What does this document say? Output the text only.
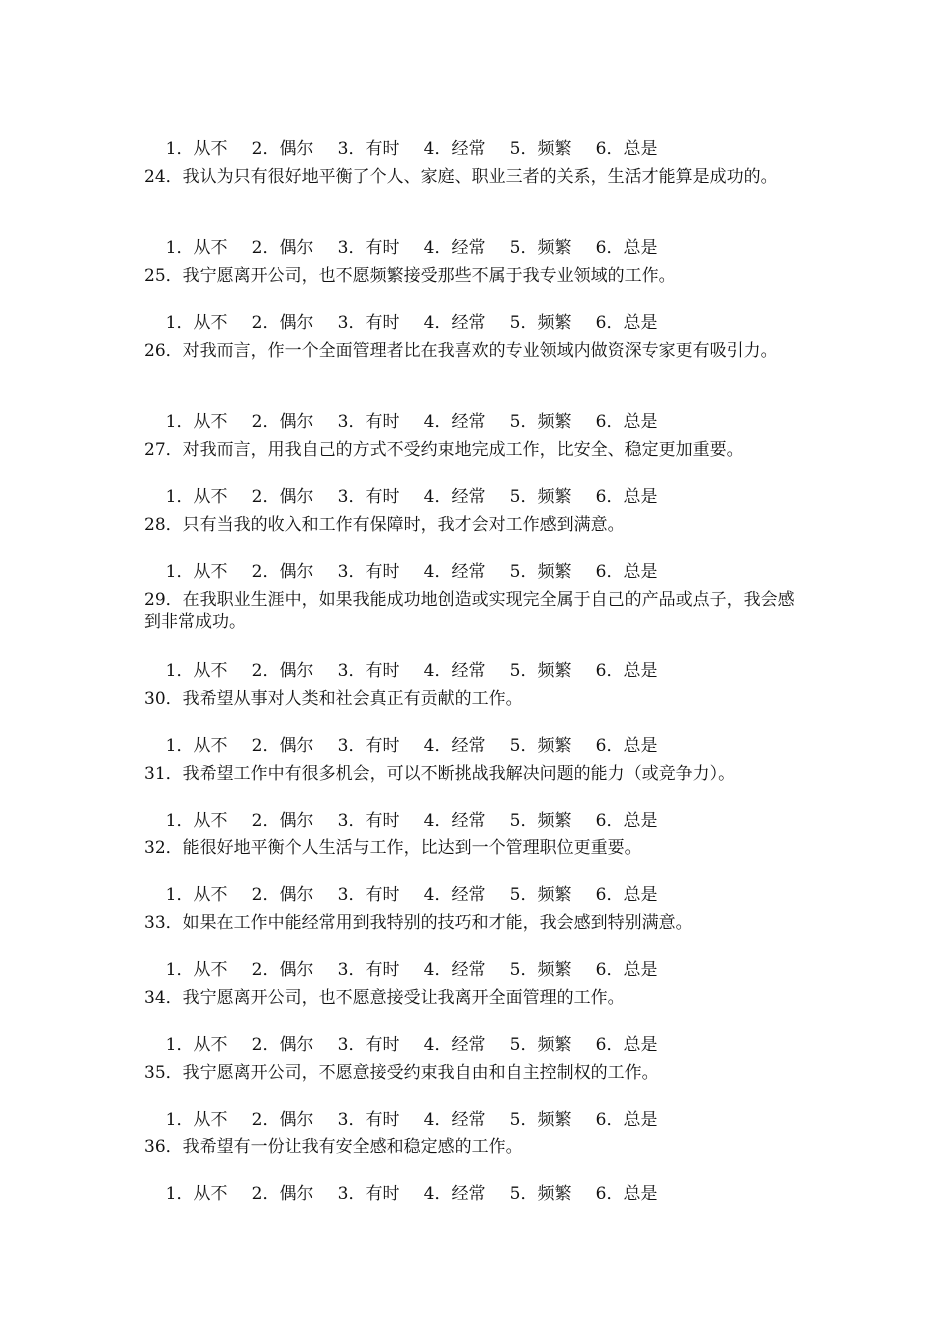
1．从不 2．偶尔 3．有时 4．经常 5．频繁 6．总是

24．我认为只有很好地平衡了个人、家庭、职业三者的关系，生活才能算是成功的。

1．从不 2．偶尔 3．有时 4．经常 5．频繁 6．总是

25．我宁愿离开公司，也不愿频繁接受那些不属于我专业领域的工作。

1．从不 2．偶尔 3．有时 4．经常 5．频繁 6．总是

26．对我而言，作一个全面管理者比在我喜欢的专业领域内做资深专家更有吸引力。

1．从不 2．偶尔 3．有时 4．经常 5．频繁 6．总是

27．对我而言，用我自己的方式不受约束地完成工作，比安全、稳定更加重要。

1．从不 2．偶尔 3．有时 4．经常 5．频繁 6．总是

28．只有当我的收入和工作有保障时，我才会对工作感到满意。

1．从不 2．偶尔 3．有时 4．经常 5．频繁 6．总是

29．在我职业生涯中，如果我能成功地创造或实现完全属于自己的产品或点子，我会感到非常成功。

1．从不 2．偶尔 3．有时 4．经常 5．频繁 6．总是

30．我希望从事对人类和社会真正有贡献的工作。

1．从不 2．偶尔 3．有时 4．经常 5．频繁 6．总是

31．我希望工作中有很多机会，可以不断挑战我解决问题的能力（或竞争力）。

1．从不 2．偶尔 3．有时 4．经常 5．频繁 6．总是

32．能很好地平衡个人生活与工作，比达到一个管理职位更重要。

1．从不 2．偶尔 3．有时 4．经常 5．频繁 6．总是

33．如果在工作中能经常用到我特别的技巧和才能，我会感到特别满意。

1．从不 2．偶尔 3．有时 4．经常 5．频繁 6．总是

34．我宁愿离开公司，也不愿意接受让我离开全面管理的工作。

1．从不 2．偶尔 3．有时 4．经常 5．频繁 6．总是

35．我宁愿离开公司，不愿意接受约束我自由和自主控制权的工作。

1．从不 2．偶尔 3．有时 4．经常 5．频繁 6．总是

36．我希望有一份让我有安全感和稳定感的工作。

1．从不 2．偶尔 3．有时 4．经常 5．频繁 6．总是
